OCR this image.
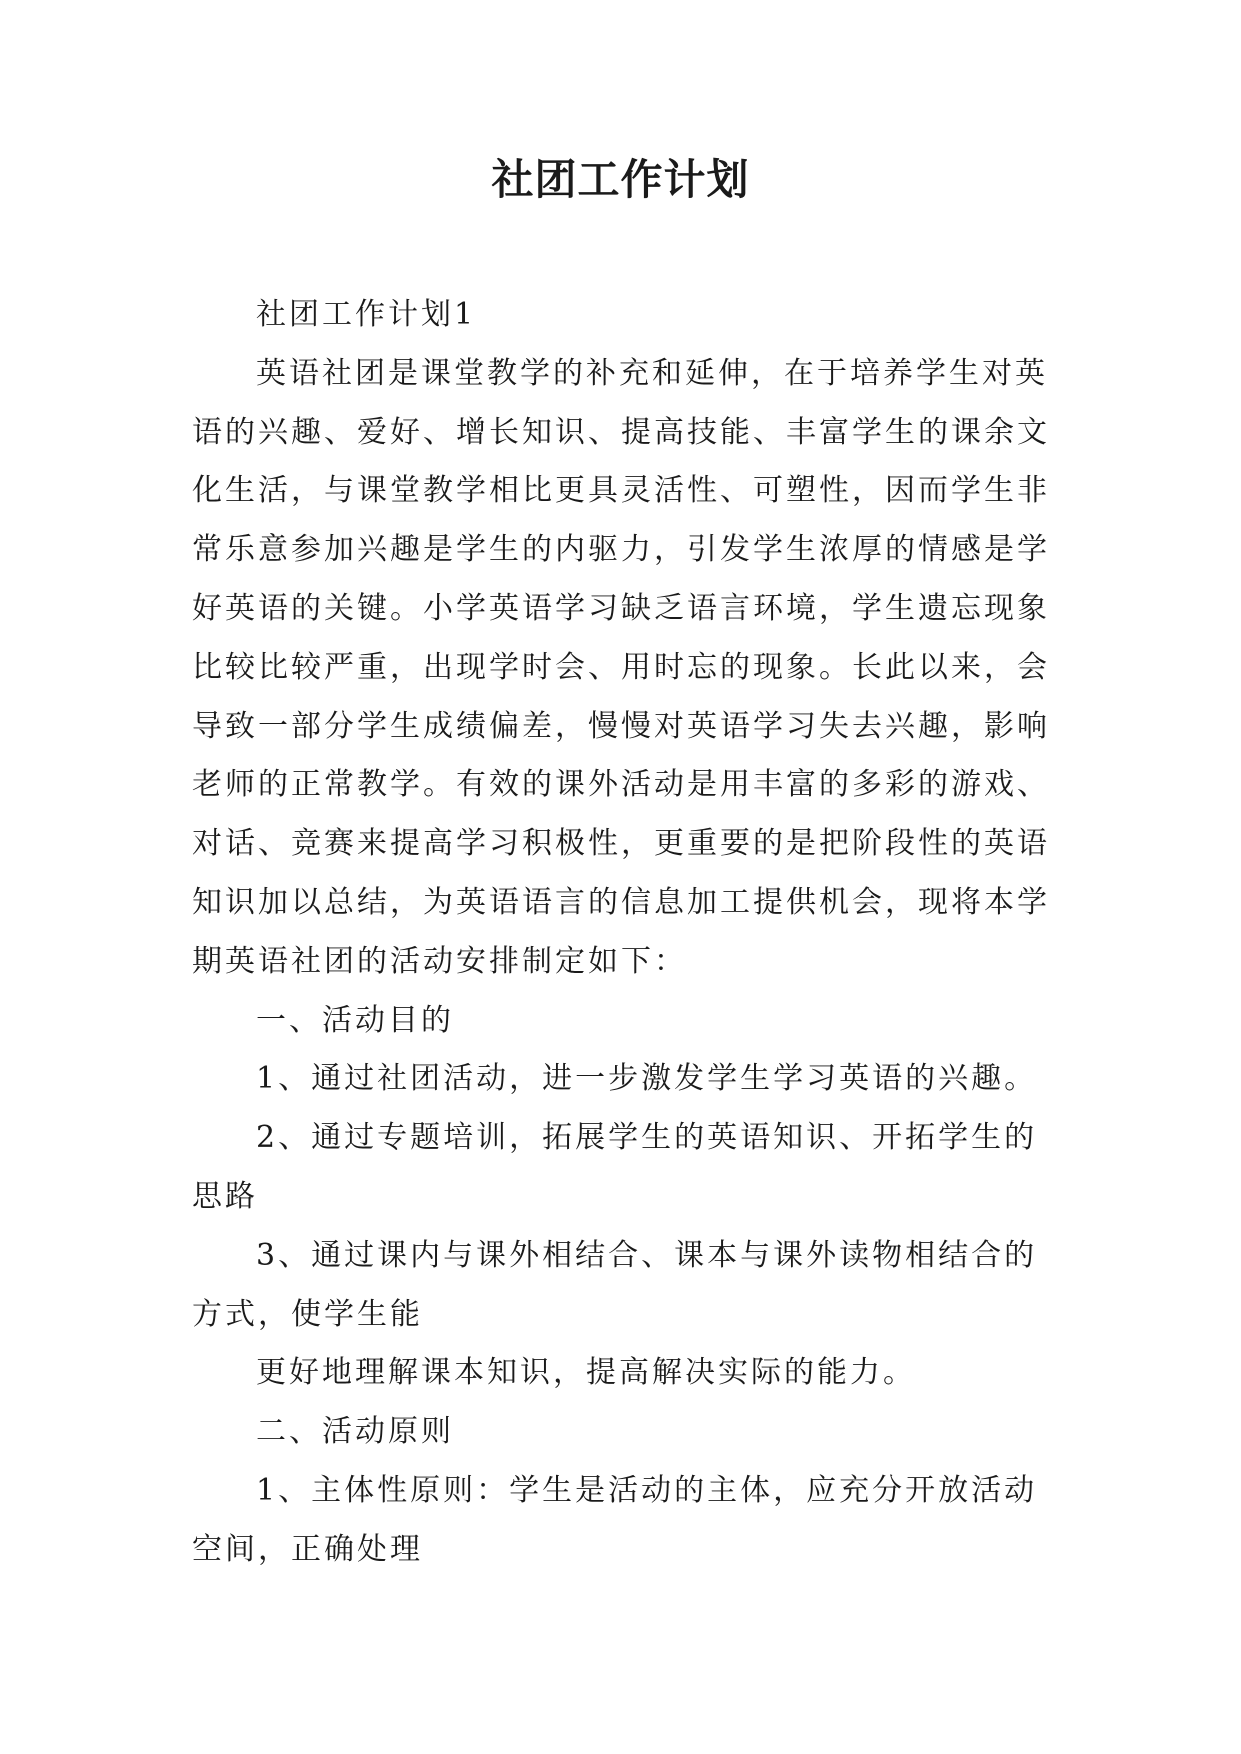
社团工作计划

社团工作计划1

英语社团是课堂教学的补充和延伸，在于培养学生对英语的兴趣、爱好、增长知识、提高技能、丰富学生的课余文化生活，与课堂教学相比更具灵活性、可塑性，因而学生非常乐意参加兴趣是学生的内驱力，引发学生浓厚的情感是学好英语的关键。小学英语学习缺乏语言环境，学生遗忘现象比较比较严重，出现学时会、用时忘的现象。长此以来，会导致一部分学生成绩偏差，慢慢对英语学习失去兴趣，影响老师的正常教学。有效的课外活动是用丰富的多彩的游戏、对话、竞赛来提高学习积极性，更重要的是把阶段性的英语知识加以总结，为英语语言的信息加工提供机会，现将本学期英语社团的活动安排制定如下：

一、活动目的

1、通过社团活动，进一步激发学生学习英语的兴趣。

2、通过专题培训，拓展学生的英语知识、开拓学生的思路

3、通过课内与课外相结合、课本与课外读物相结合的方式，使学生能

更好地理解课本知识，提高解决实际的能力。

二、活动原则

1、主体性原则：学生是活动的主体，应充分开放活动空间，正确处理
